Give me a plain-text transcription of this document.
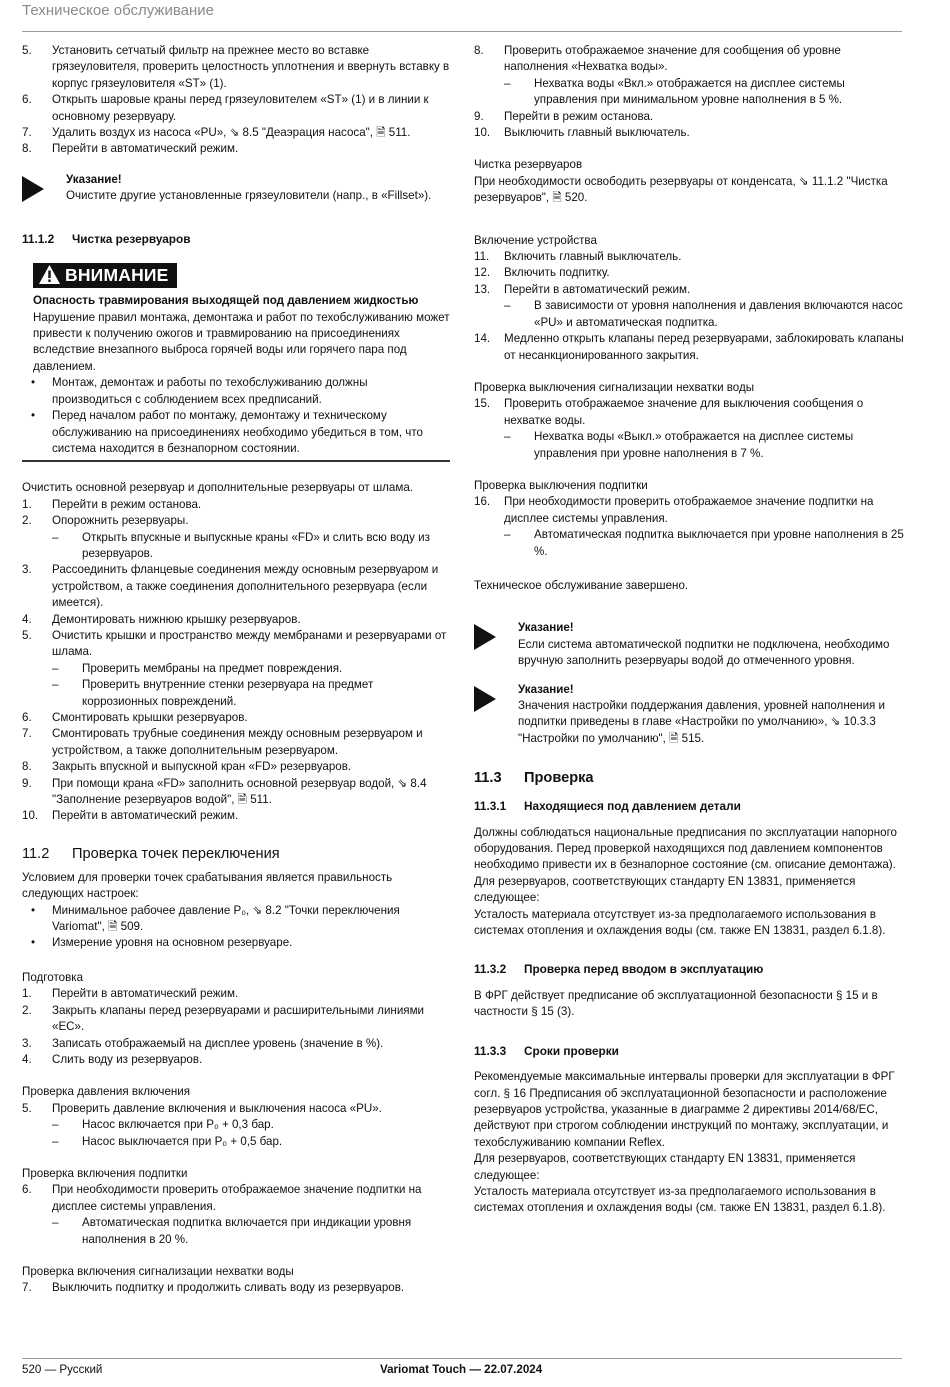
Техническое обслуживание
5.	Установить сетчатый фильтр на прежнее место во вставке грязеуловителя, проверить целостность уплотнения и ввернуть вставку в корпус грязеуловителя «ST» (1).
6.	Открыть шаровые краны перед грязеуловителем «ST» (1) и в линии к основному резервуару.
7.	Удалить воздух из насоса «PU», ⇘ 8.5 "Деаэрация насоса", 🗎 511.
8.	Перейти в автоматический режим.
Указание!
Очистите другие установленные грязеуловители (напр., в «Fillset»).
11.1.2	Чистка резервуаров
ВНИМАНИЕ
Опасность травмирования выходящей под давлением жидкостью
Нарушение правил монтажа, демонтажа и работ по техобслуживанию может привести к получению ожогов и травмированию на присоединениях вследствие внезапного выброса горячей воды или горячего пара под давлением.
•	Монтаж, демонтаж и работы по техобслуживанию должны производиться с соблюдением всех предписаний.
•	Перед началом работ по монтажу, демонтажу и техническому обслуживанию на присоединениях необходимо убедиться в том, что система находится в безнапорном состоянии.
Очистить основной резервуар и дополнительные резервуары от шлама.
1.	Перейти в режим останова.
2.	Опорожнить резервуары.
–	Открыть впускные и выпускные краны «FD» и слить всю воду из резервуаров.
3.	Рассоединить фланцевые соединения между основным резервуаром и устройством, а также соединения дополнительного резервуара (если имеется).
4.	Демонтировать нижнюю крышку резервуаров.
5.	Очистить крышки и пространство между мембранами и резервуарами от шлама.
–	Проверить мембраны на предмет повреждения.
–	Проверить внутренние стенки резервуара на предмет коррозионных повреждений.
6.	Смонтировать крышки резервуаров.
7.	Смонтировать трубные соединения между основным резервуаром и устройством, а также дополнительным резервуаром.
8.	Закрыть впускной и выпускной кран «FD» резервуаров.
9.	При помощи крана «FD» заполнить основной резервуар водой, ⇘ 8.4 "Заполнение резервуаров водой", 🗎 511.
10.	Перейти в автоматический режим.
11.2	Проверка точек переключения
Условием для проверки точек срабатывания является правильность следующих настроек:
•	Минимальное рабочее давление P₀, ⇘ 8.2 "Точки переключения Variomat", 🗎 509.
•	Измерение уровня на основном резервуаре.
Подготовка
1.	Перейти в автоматический режим.
2.	Закрыть клапаны перед резервуарами и расширительными линиями «EC».
3.	Записать отображаемый на дисплее уровень (значение в %).
4.	Слить воду из резервуаров.
Проверка давления включения
5.	Проверить давление включения и выключения насоса «PU».
–	Насос включается при P₀ + 0,3 бар.
–	Насос выключается при P₀ + 0,5 бар.
Проверка включения подпитки
6.	При необходимости проверить отображаемое значение подпитки на дисплее системы управления.
–	Автоматическая подпитка включается при индикации уровня наполнения в 20 %.
Проверка включения сигнализации нехватки воды
7.	Выключить подпитку и продолжить сливать воду из резервуаров.
8.	Проверить отображаемое значение для сообщения об уровне наполнения «Нехватка воды».
–	Нехватка воды «Вкл.» отображается на дисплее системы управления при минимальном уровне наполнения в 5 %.
9.	Перейти в режим останова.
10.	Выключить главный выключатель.
Чистка резервуаров
При необходимости освободить резервуары от конденсата, ⇘ 11.1.2 "Чистка резервуаров", 🗎 520.
Включение устройства
11.	Включить главный выключатель.
12.	Включить подпитку.
13.	Перейти в автоматический режим.
–	В зависимости от уровня наполнения и давления включаются насос «PU» и автоматическая подпитка.
14.	Медленно открыть клапаны перед резервуарами, заблокировать клапаны от несанкционированного закрытия.
Проверка выключения сигнализации нехватки воды
15.	Проверить отображаемое значение для выключения сообщения о нехватке воды.
–	Нехватка воды «Выкл.» отображается на дисплее системы управления при уровне наполнения в 7 %.
Проверка выключения подпитки
16.	При необходимости проверить отображаемое значение подпитки на дисплее системы управления.
–	Автоматическая подпитка выключается при уровне наполнения в 25 %.
Техническое обслуживание завершено.
Указание!
Если система автоматической подпитки не подключена, необходимо вручную заполнить резервуары водой до отмеченного уровня.
Указание!
Значения настройки поддержания давления, уровней наполнения и подпитки приведены в главе «Настройки по умолчанию», ⇘ 10.3.3 "Настройки по умолчанию", 🗎 515.
11.3	Проверка
11.3.1	Находящиеся под давлением детали
Должны соблюдаться национальные предписания по эксплуатации напорного оборудования. Перед проверкой находящихся под давлением компонентов необходимо привести их в безнапорное состояние (см. описание демонтажа).
Для резервуаров, соответствующих стандарту EN 13831, применяется следующее:
Усталость материала отсутствует из-за предполагаемого использования в системах отопления и охлаждения воды (см. также EN 13831, раздел 6.1.8).
11.3.2	Проверка перед вводом в эксплуатацию
В ФРГ действует предписание об эксплуатационной безопасности § 15 и в частности § 15 (3).
11.3.3	Сроки проверки
Рекомендуемые максимальные интервалы проверки для эксплуатации в ФРГ согл. § 16 Предписания об эксплуатационной безопасности и расположение резервуаров устройства, указанные в диаграмме 2 директивы 2014/68/EC, действуют при строгом соблюдении инструкций по монтажу, эксплуатации, и техобслуживанию компании Reflex.
Для резервуаров, соответствующих стандарту EN 13831, применяется следующее:
Усталость материала отсутствует из-за предполагаемого использования в системах отопления и охлаждения воды (см. также EN 13831, раздел 6.1.8).
520 — Русский	Variomat Touch — 22.07.2024
